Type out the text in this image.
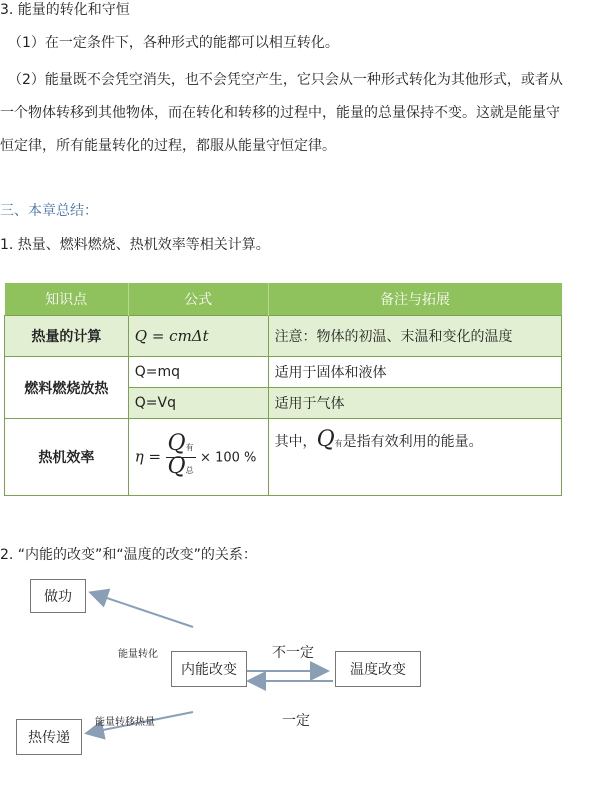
3. 能量的转化和守恒
（1）在一定条件下，各种形式的能都可以相互转化。
（2）能量既不会凭空消失，也不会凭空产生，它只会从一种形式转化为其他形式，或者从
一个物体转移到其他物体，而在转化和转移的过程中，能量的总量保持不变。这就是能量守
恒定律，所有能量转化的过程，都服从能量守恒定律。
三、本章总结：
1. 热量、燃料燃烧、热机效率等相关计算。
知识点	公式	备注与拓展
热量的计算	Q = cmΔt	注意：物体的初温、末温和变化的温度
燃料燃烧放热	Q=mq	适用于固体和液体
	Q=Vq	适用于气体
热机效率	$\eta = \frac{\text{Q有}}{\text{Q总}} \times 100$ %	其中，Q有是指有效利用的能量。
2. “内能的改变”和“温度的改变”的关系：
做功
内能改变	温度改变
热传递
能量转化	不一定
能量转移热量	一定
